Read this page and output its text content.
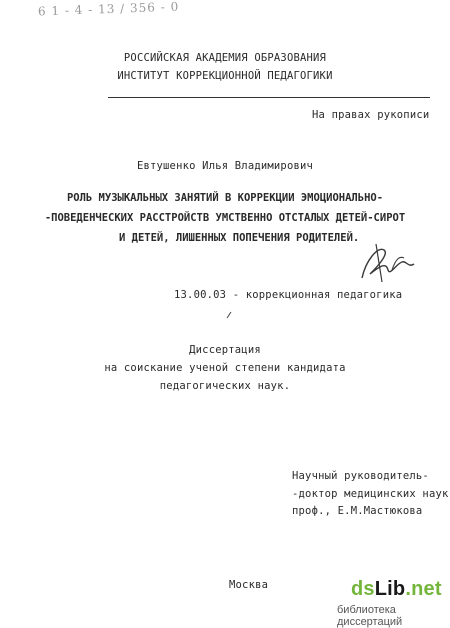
6 1 - 4 - 13 / 356 - 0
РОССИЙСКАЯ АКАДЕМИЯ ОБРАЗОВАНИЯ
ИНСТИТУТ КОРРЕКЦИОННОЙ ПЕДАГОГИКИ
На правах рукописи
Евтушенко Илья Владимирович
РОЛЬ МУЗЫКАЛЬНЫХ ЗАНЯТИЙ В КОРРЕКЦИИ ЭМОЦИОНАЛЬНО-
-ПОВЕДЕНЧЕСКИХ РАССТРОЙСТВ УМСТВЕННО ОТСТАЛЫХ ДЕТЕЙ-СИРОТ
И ДЕТЕЙ, ЛИШЕННЫХ ПОПЕЧЕНИЯ РОДИТЕЛЕЙ.
13.00.03 - коррекционная педагогика
Диссертация
на соискание ученой степени кандидата
педагогических наук.
Научный руководитель-
-доктор медицинских наук
проф., Е.М.Мастюкова
Москва	dsLib.net
библиотека диссертаций
